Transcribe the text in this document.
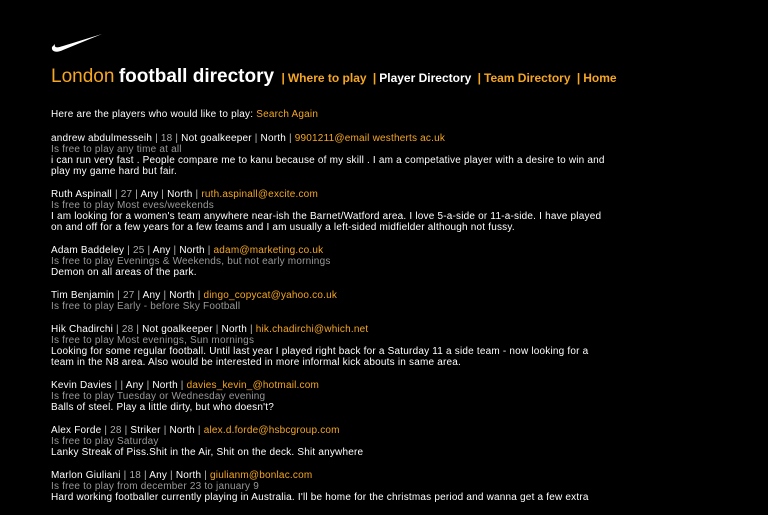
London football directory | Where to play | Player Directory | Team Directory | Home
Here are the players who would like to play: Search Again
andrew abdulmesseih | 18 | Not goalkeeper | North | 9901211@email westherts ac.uk
Is free to play any time at all
i can run very fast . People compare me to kanu because of my skill . I am a competative player with a desire to win and play my game hard but fair.
Ruth Aspinall | 27 | Any | North | ruth.aspinall@excite.com
Is free to play Most eves/weekends
I am looking for a women's team anywhere near-ish the Barnet/Watford area. I love 5-a-side or 11-a-side. I have played on and off for a few years for a few teams and I am usually a left-sided midfielder although not fussy.
Adam Baddeley | 25 | Any | North | adam@marketing.co.uk
Is free to play Evenings & Weekends, but not early mornings
Demon on all areas of the park.
Tim Benjamin | 27 | Any | North | dingo_copycat@yahoo.co.uk
Is free to play Early - before Sky Football
Hik Chadirchi | 28 | Not goalkeeper | North | hik.chadirchi@which.net
Is free to play Most evenings, Sun mornings
Looking for some regular football. Until last year I played right back for a Saturday 11 a side team - now looking for a team in the N8 area. Also would be interested in more informal kick abouts in same area.
Kevin Davies | | Any | North | davies_kevin_@hotmail.com
Is free to play Tuesday or Wednesday evening
Balls of steel. Play a little dirty, but who doesn't?
Alex Forde | 28 | Striker | North | alex.d.forde@hsbcgroup.com
Is free to play Saturday
Lanky Streak of Piss.Shit in the Air, Shit on the deck. Shit anywhere
Marlon Giuliani | 18 | Any | North | giulianm@bonlac.com
Is free to play from december 23 to january 9
Hard working footballer currently playing in Australia. I'll be home for the christmas period and wanna get a few extra
